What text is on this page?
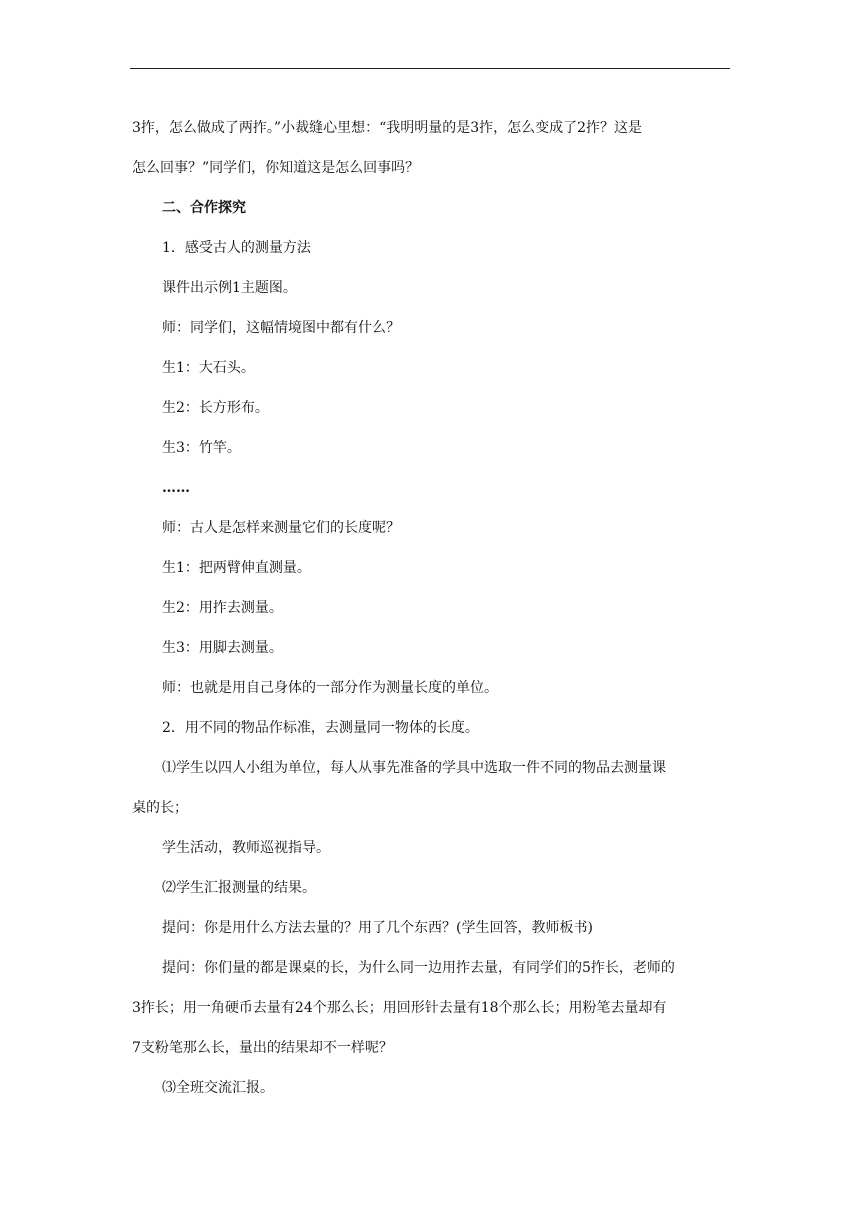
3拃，怎么做成了两拃。”小裁缝心里想：“我明明量的是3拃，怎么变成了2拃？这是
怎么回事？”同学们，你知道这是怎么回事吗？
二、合作探究
1．感受古人的测量方法
课件出示例1主题图。
师：同学们，这幅情境图中都有什么？
生1：大石头。
生2：长方形布。
生3：竹竿。
……
师：古人是怎样来测量它们的长度呢？
生1：把两臂伸直测量。
生2：用拃去测量。
生3：用脚去测量。
师：也就是用自己身体的一部分作为测量长度的单位。
2．用不同的物品作标准，去测量同一物体的长度。
⑴学生以四人小组为单位，每人从事先准备的学具中选取一件不同的物品去测量课
桌的长；
学生活动，教师巡视指导。
⑵学生汇报测量的结果。
提问：你是用什么方法去量的？用了几个东西？(学生回答，教师板书)
提问：你们量的都是课桌的长，为什么同一边用拃去量，有同学们的5拃长，老师的
3拃长；用一角硬币去量有24个那么长；用回形针去量有18个那么长；用粉笔去量却有
7支粉笔那么长，量出的结果却不一样呢？
⑶全班交流汇报。
